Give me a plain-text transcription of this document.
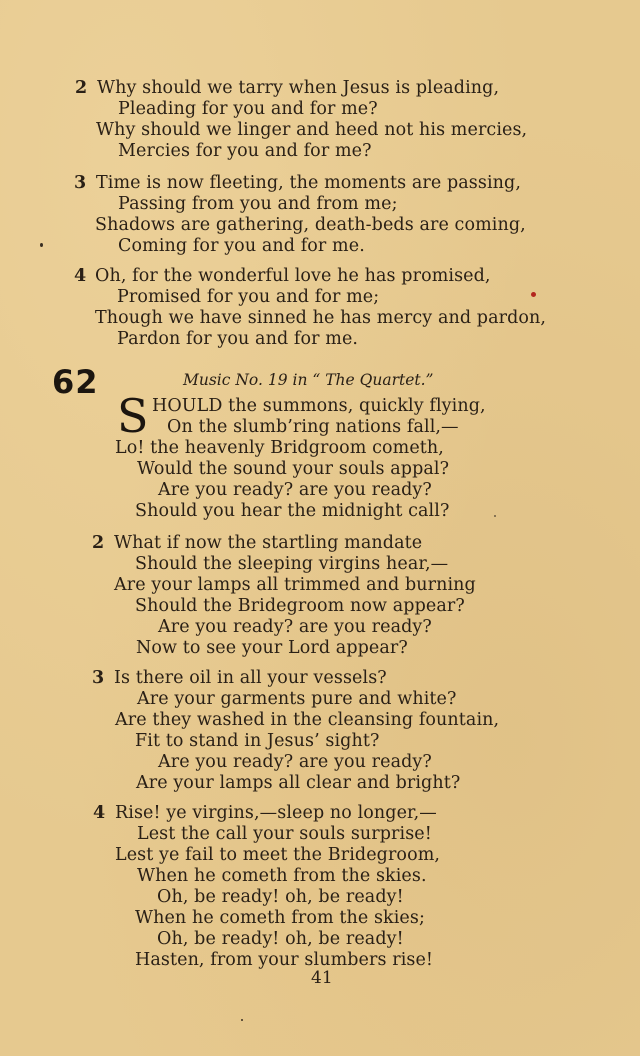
2 Why should we tarry when Jesus is pleading,
Pleading for you and for me?
Why should we linger and heed not his mercies,
Mercies for you and for me?
3 Time is now fleeting, the moments are passing,
Passing from you and from me;
Shadows are gathering, death-beds are coming,
Coming for you and for me.
4 Oh, for the wonderful love he has promised,
Promised for you and for me;
Though we have sinned he has mercy and pardon,
Pardon for you and for me.
62	Music No. 19 in “ The Quartet.”
S HOULD the summons, quickly flying,
On the slumb’ring nations fall,—
Lo! the heavenly Bridgroom cometh,
Would the sound your souls appal?
Are you ready? are you ready?
Should you hear the midnight call?
2 What if now the startling mandate
Should the sleeping virgins hear,—
Are your lamps all trimmed and burning
Should the Bridegroom now appear?
Are you ready? are you ready?
Now to see your Lord appear?
3 Is there oil in all your vessels?
Are your garments pure and white?
Are they washed in the cleansing fountain,
Fit to stand in Jesus’ sight?
Are you ready? are you ready?
Are your lamps all clear and bright?
4 Rise! ye virgins,—sleep no longer,—
Lest the call your souls surprise!
Lest ye fail to meet the Bridegroom,
When he cometh from the skies.
Oh, be ready! oh, be ready!
When he cometh from the skies;
Oh, be ready! oh, be ready!
Hasten, from your slumbers rise!
41
